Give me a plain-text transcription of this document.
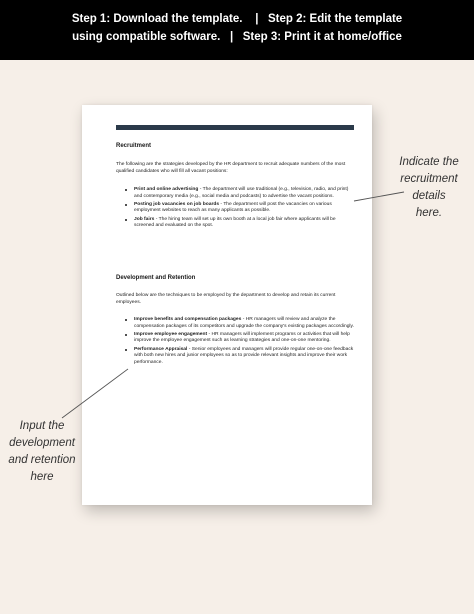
Step 1: Download the template.    |   Step 2: Edit the template
using compatible software.   |   Step 3: Print it at home/office
Recruitment
The following are the strategies developed by the HR department to recruit adequate numbers of the most qualified candidates who will fill all vacant positions:
Print and online advertising - The department will use traditional (e.g., television, radio, and print) and contemporary media (e.g., social media and podcasts) to advertise the vacant positions.
Posting job vacancies on job boards - The department will post the vacancies on various employment websites to reach as many applicants as possible.
Job fairs - The hiring team will set up its own booth at a local job fair where applicants will be screened and evaluated on the spot.
Development and Retention
Outlined below are the techniques to be employed by the department to develop and retain its current employees.
Improve benefits and compensation packages - HR managers will review and analyze the compensation packages of its competitors and upgrade the company's existing packages accordingly.
Improve employee engagement - HR managers will implement programs or activities that will help improve the employee engagement such as learning strategies and one-on-one mentoring.
Performance Appraisal - Senior employees and managers will provide regular one-on-one feedback with both new hires and junior employees so as to provide relevant insights and improve their work performance.
Indicate the
recruitment
details
here.
Input the
development
and retention
here
